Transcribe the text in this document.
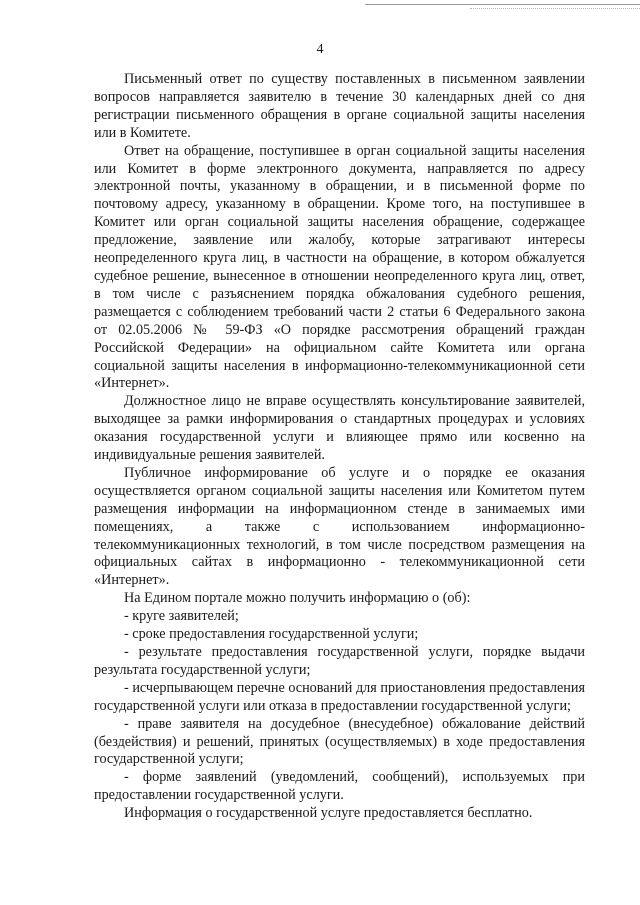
4

Письменный ответ по существу поставленных в письменном заявлении вопросов направляется заявителю в течение 30 календарных дней со дня регистрации письменного обращения в органе социальной защиты населения или в Комитете.

Ответ на обращение, поступившее в орган социальной защиты населения или Комитет в форме электронного документа, направляется по адресу электронной почты, указанному в обращении, и в письменной форме по почтовому адресу, указанному в обращении. Кроме того, на поступившее в Комитет или орган социальной защиты населения обращение, содержащее предложение, заявление или жалобу, которые затрагивают интересы неопределенного круга лиц, в частности на обращение, в котором обжалуется судебное решение, вынесенное в отношении неопределенного круга лиц, ответ, в том числе с разъяснением порядка обжалования судебного решения, размещается с соблюдением требований части 2 статьи 6 Федерального закона от 02.05.2006 № 59-ФЗ «О порядке рассмотрения обращений граждан Российской Федерации» на официальном сайте Комитета или органа социальной защиты населения в информационно-телекоммуникационной сети «Интернет».

Должностное лицо не вправе осуществлять консультирование заявителей, выходящее за рамки информирования о стандартных процедурах и условиях оказания государственной услуги и влияющее прямо или косвенно на индивидуальные решения заявителей.

Публичное информирование об услуге и о порядке ее оказания осуществляется органом социальной защиты населения или Комитетом путем размещения информации на информационном стенде в занимаемых ими помещениях, а также с использованием информационно-телекоммуникационных технологий, в том числе посредством размещения на официальных сайтах в информационно - телекоммуникационной сети «Интернет».

На Едином портале можно получить информацию о (об):

- круге заявителей;

- сроке предоставления государственной услуги;

- результате предоставления государственной услуги, порядке выдачи результата государственной услуги;

- исчерпывающем перечне оснований для приостановления предоставления государственной услуги или отказа в предоставлении государственной услуги;

- праве заявителя на досудебное (внесудебное) обжалование действий (бездействия) и решений, принятых (осуществляемых) в ходе предоставления государственной услуги;

- форме заявлений (уведомлений, сообщений), используемых при предоставлении государственной услуги.

Информация о государственной услуге предоставляется бесплатно.
